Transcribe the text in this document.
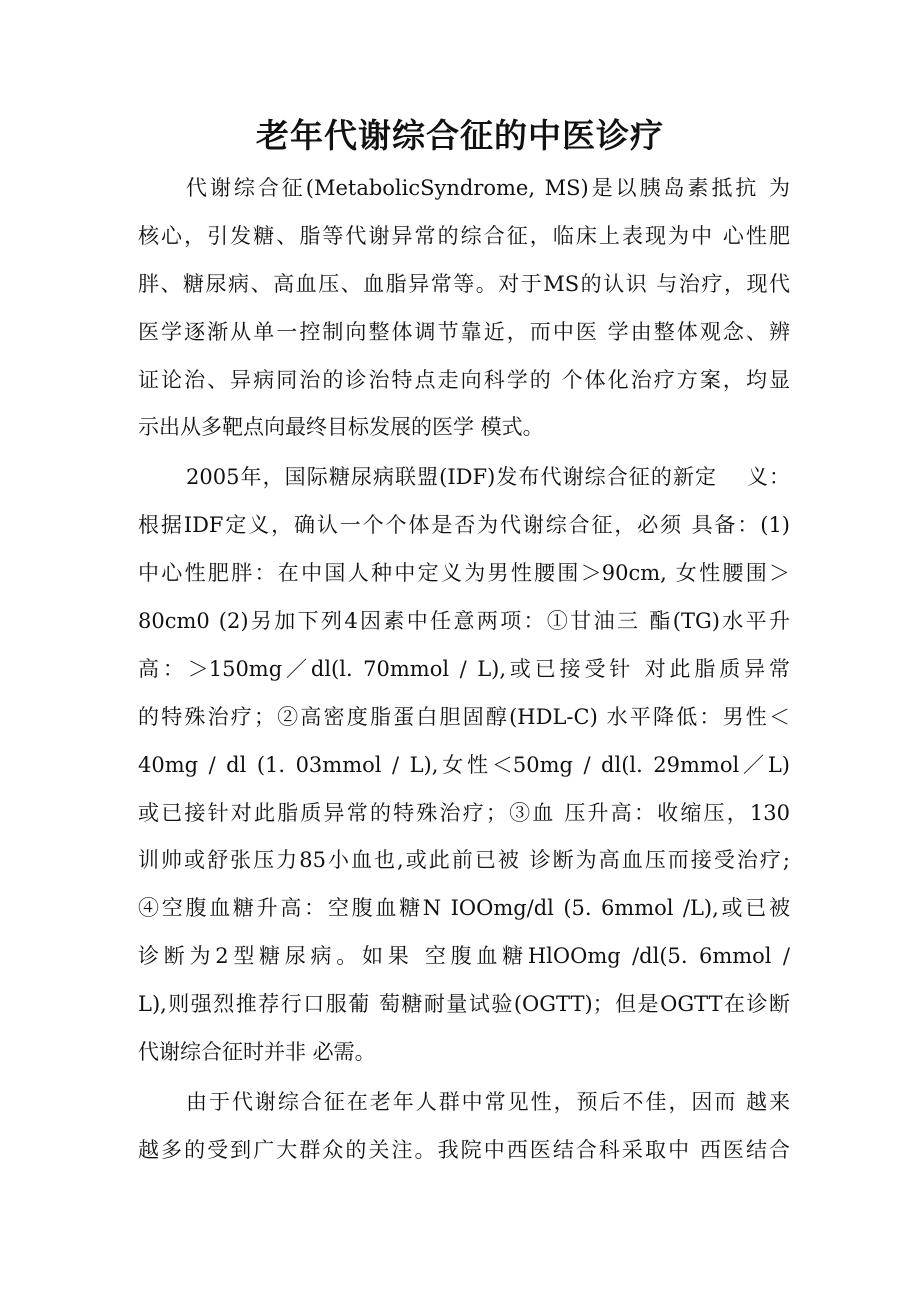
老年代谢综合征的中医诊疗
代谢综合征(MetabolicSyndrome, MS)是以胰岛素抵抗 为
核心，引发糖、脂等代谢异常的综合征，临床上表现为中 心性肥
胖、糖尿病、高血压、血脂异常等。对于MS的认识 与治疗，现代
医学逐渐从单一控制向整体调节靠近，而中医 学由整体观念、辨
证论治、异病同治的诊治特点走向科学的 个体化治疗方案，均显
示出从多靶点向最终目标发展的医学 模式。
2005年，国际糖尿病联盟(IDF)发布代谢综合征的新定　 义：
根据IDF定义，确认一个个体是否为代谢综合征，必须 具备：(1)
中心性肥胖：在中国人种中定义为男性腰围＞90cm, 女性腰围＞
80cm0 (2)另加下列4因素中任意两项：①甘油三 酯(TG)水平升
高：＞150mg／dl(l. 70mmol / L),或已接受针 对此脂质异常
的特殊治疗；②高密度脂蛋白胆固醇(HDL-C) 水平降低：男性＜
40mg / dl (1. 03mmol / L),女性＜50mg / dl(l. 29mmol／L)
或已接针对此脂质异常的特殊治疗；③血 压升高：收缩压，130
训帅或舒张压力85小血也,或此前已被 诊断为高血压而接受治疗;
④空腹血糖升高：空腹血糖N IOOmg/dl (5. 6mmol /L),或已被
诊断为2型糖尿病。如果 空腹血糖HlOOmg /dl(5. 6mmol /
L),则强烈推荐行口服葡 萄糖耐量试验(OGTT)；但是OGTT在诊断
代谢综合征时并非 必需。
由于代谢综合征在老年人群中常见性，预后不佳，因而 越来
越多的受到广大群众的关注。我院中西医结合科采取中 西医结合
